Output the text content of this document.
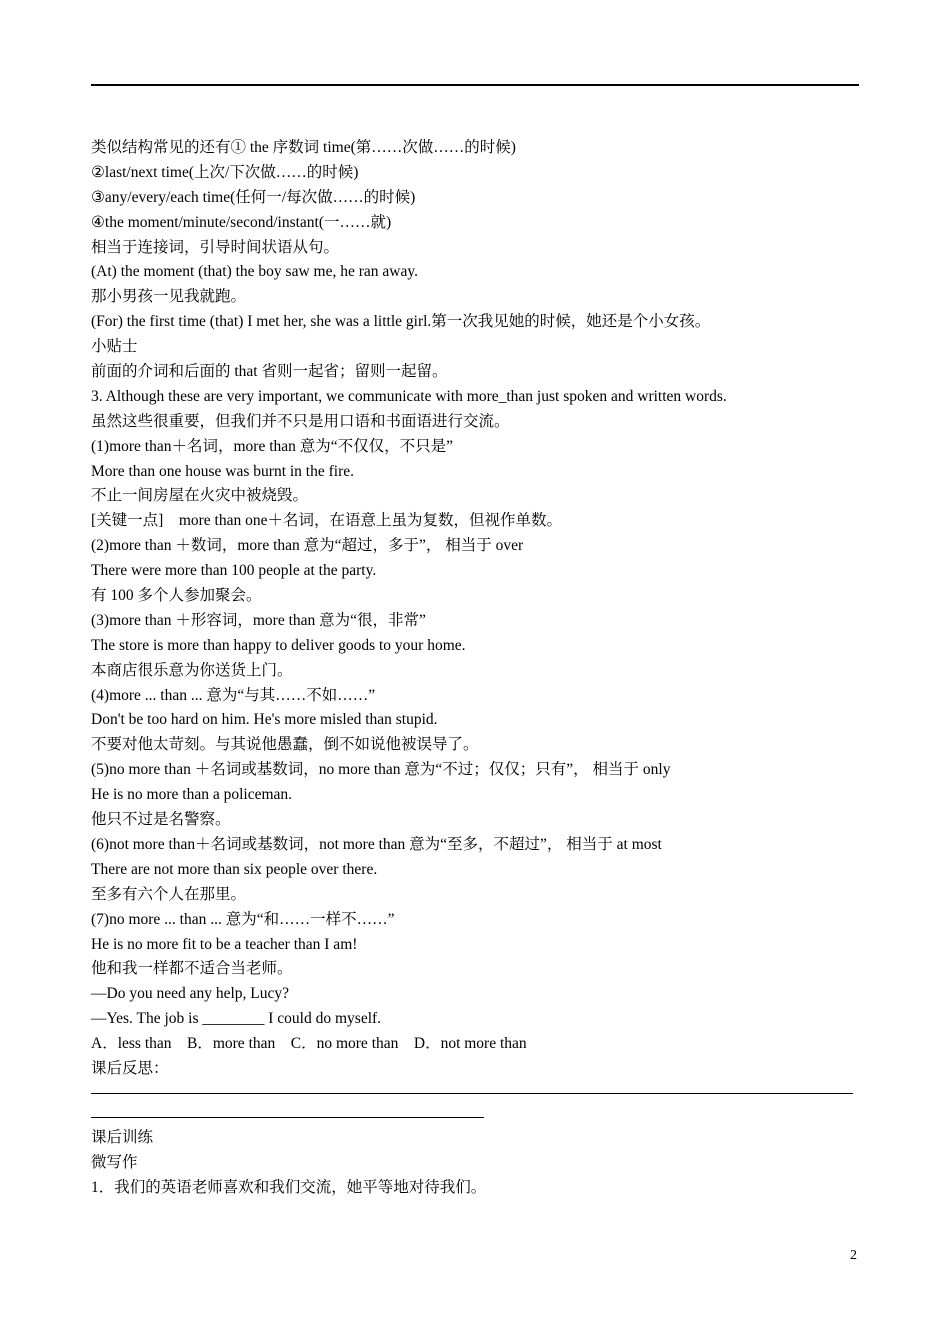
类似结构常见的还有① the 序数词 time(第……次做……的时候)
②last/next time(上次/下次做……的时候)
③any/every/each time(任何一/每次做……的时候)
④the moment/minute/second/instant(一……就)
相当于连接词，引导时间状语从句。
(At) the moment (that) the boy saw me, he ran away.
那小男孩一见我就跑。
(For) the first time (that) I met her, she was a little girl.第一次我见她的时候，她还是个小女孩。
小贴士
前面的介词和后面的 that 省则一起省；留则一起留。
3. Although these are very important, we communicate with more_than just spoken and written words.
虽然这些很重要，但我们并不只是用口语和书面语进行交流。
(1)more than＋名词，more than 意为“不仅仅，不只是”
More than one house was burnt in the fire.
不止一间房屋在火灾中被烧毁。
[关键一点]　more than one＋名词，在语意上虽为复数，但视作单数。
(2)more than ＋数词，more than 意为“超过，多于”， 相当于 over
There were more than 100 people at the party.
有 100 多个人参加聚会。
(3)more than ＋形容词，more than 意为“很，非常”
The store is more than happy to deliver goods to your home.
本商店很乐意为你送货上门。
(4)more ... than ... 意为“与其……不如……”
Don't be too hard on him. He's more misled than stupid.
不要对他太苛刻。与其说他愚蠢，倒不如说他被误导了。
(5)no more than ＋名词或基数词，no more than 意为“不过；仅仅；只有”， 相当于 only
He is no more than a policeman.
他只不过是名警察。
(6)not more than＋名词或基数词，not more than 意为“至多，不超过”， 相当于 at most
There are not more than six people over there.
至多有六个人在那里。
(7)no more ... than ... 意为“和……一样不……”
He is no more fit to be a teacher than I am!
他和我一样都不适合当老师。
—Do you need any help, Lucy?
—Yes. The job is ________ I could do myself.
A．less than　B．more than　C．no more than　D．not more than
课后反思：
课后训练
微写作
1．我们的英语老师喜欢和我们交流，她平等地对待我们。
2
